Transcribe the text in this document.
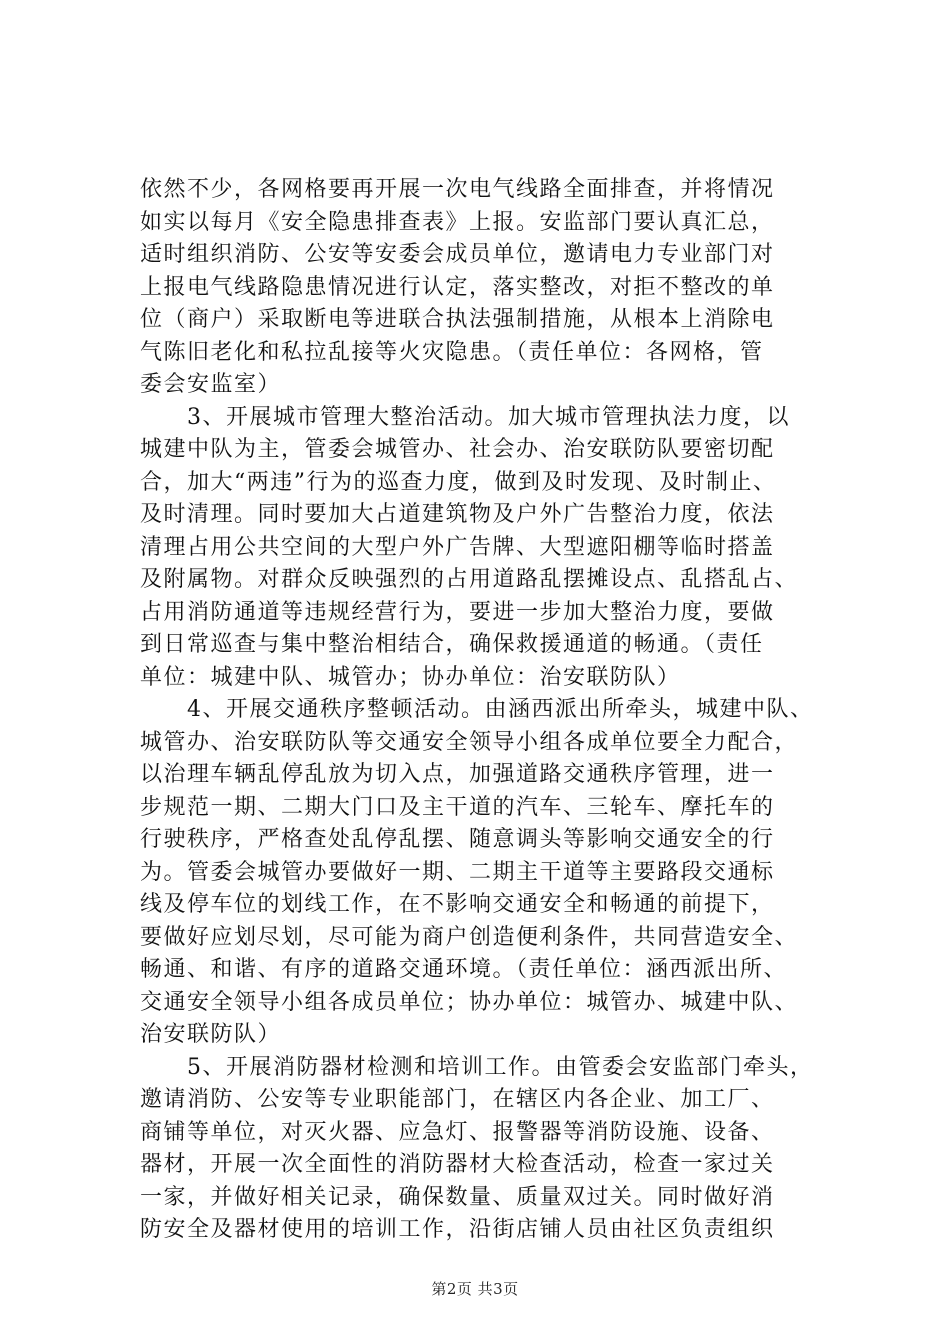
依然不少，各网格要再开展一次电气线路全面排查，并将情况
如实以每月《安全隐患排查表》上报。安监部门要认真汇总，
适时组织消防、公安等安委会成员单位，邀请电力专业部门对
上报电气线路隐患情况进行认定，落实整改，对拒不整改的单
位（商户）采取断电等进联合执法强制措施，从根本上消除电
气陈旧老化和私拉乱接等火灾隐患。（责任单位：各网格，管
委会安监室）
　　3、开展城市管理大整治活动。加大城市管理执法力度，以
城建中队为主，管委会城管办、社会办、治安联防队要密切配
合，加大“两违”行为的巡查力度，做到及时发现、及时制止、
及时清理。同时要加大占道建筑物及户外广告整治力度，依法
清理占用公共空间的大型户外广告牌、大型遮阳棚等临时搭盖
及附属物。对群众反映强烈的占用道路乱摆摊设点、乱搭乱占、
占用消防通道等违规经营行为，要进一步加大整治力度，要做
到日常巡查与集中整治相结合，确保救援通道的畅通。（责任
单位：城建中队、城管办；协办单位：治安联防队）
　　4、开展交通秩序整顿活动。由涵西派出所牵头，城建中队、
城管办、治安联防队等交通安全领导小组各成单位要全力配合，
以治理车辆乱停乱放为切入点，加强道路交通秩序管理，进一
步规范一期、二期大门口及主干道的汽车、三轮车、摩托车的
行驶秩序，严格查处乱停乱摆、随意调头等影响交通安全的行
为。管委会城管办要做好一期、二期主干道等主要路段交通标
线及停车位的划线工作，在不影响交通安全和畅通的前提下，
要做好应划尽划，尽可能为商户创造便利条件，共同营造安全、
畅通、和谐、有序的道路交通环境。（责任单位：涵西派出所、
交通安全领导小组各成员单位；协办单位：城管办、城建中队、
治安联防队）
　　5、开展消防器材检测和培训工作。由管委会安监部门牵头，
邀请消防、公安等专业职能部门，在辖区内各企业、加工厂、
商铺等单位，对灭火器、应急灯、报警器等消防设施、设备、
器材，开展一次全面性的消防器材大检查活动，检查一家过关
一家，并做好相关记录，确保数量、质量双过关。同时做好消
防安全及器材使用的培训工作，沿街店铺人员由社区负责组织
第2页 共3页
